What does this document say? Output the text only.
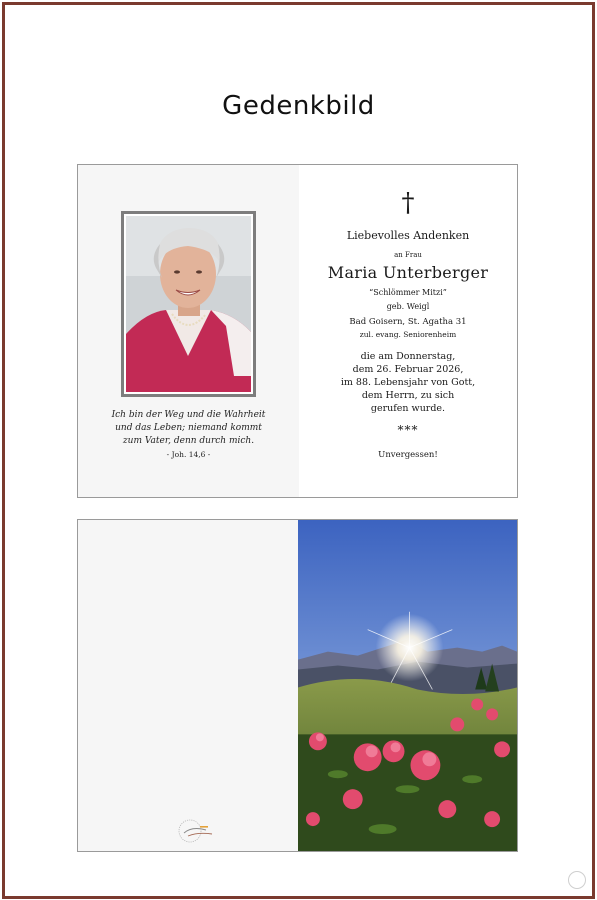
Gedenkbild
Ich bin der Weg und die Wahrheit
und das Leben; niemand kommt
zum Vater, denn durch mich.
- Joh. 14,6 -
†
Liebevolles Andenken
an Frau
Maria Unterberger
“Schlömmer Mitzi”
geb. Weigl
Bad Goisern, St. Agatha 31
zul. evang. Seniorenheim
die am Donnerstag,
dem 26. Februar 2026,
im 88. Lebensjahr von Gott,
dem Herrn, zu sich
gerufen wurde.
***
Unvergessen!
